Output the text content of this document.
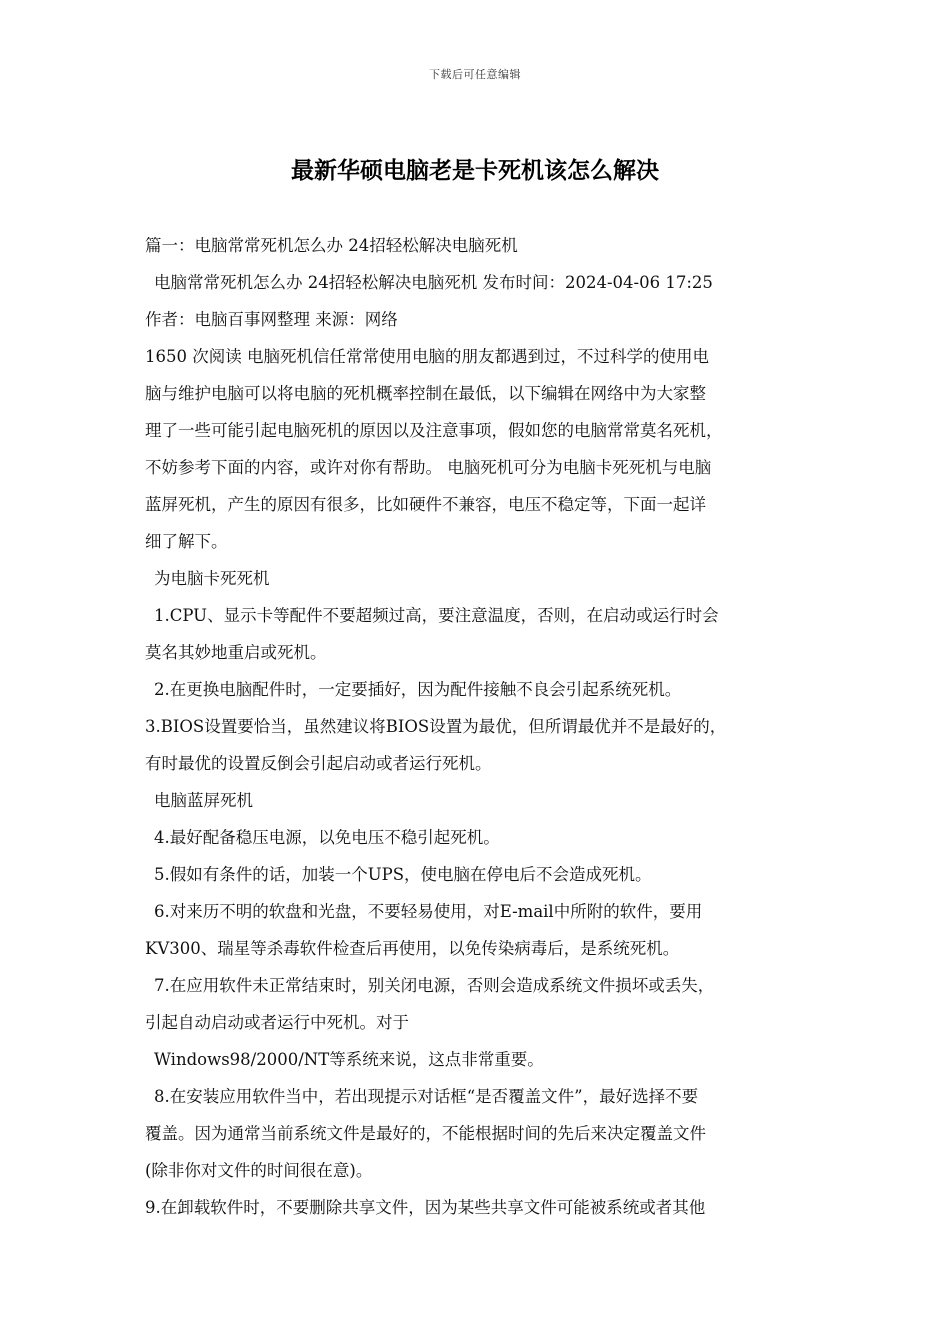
下载后可任意编辑
最新华硕电脑老是卡死机该怎么解决
篇一：电脑常常死机怎么办 24招轻松解决电脑死机
电脑常常死机怎么办 24招轻松解决电脑死机 发布时间：2024-04-06 17:25
作者：电脑百事网整理 来源：网络
1650 次阅读 电脑死机信任常常使用电脑的朋友都遇到过，不过科学的使用电
脑与维护电脑可以将电脑的死机概率控制在最低，以下编辑在网络中为大家整
理了一些可能引起电脑死机的原因以及注意事项，假如您的电脑常常莫名死机，
不妨参考下面的内容，或许对你有帮助。 电脑死机可分为电脑卡死死机与电脑
蓝屏死机，产生的原因有很多，比如硬件不兼容，电压不稳定等，下面一起详
细了解下。
为电脑卡死死机
1.CPU、显示卡等配件不要超频过高，要注意温度，否则，在启动或运行时会
莫名其妙地重启或死机。
2.在更换电脑配件时，一定要插好，因为配件接触不良会引起系统死机。
3.BIOS设置要恰当，虽然建议将BIOS设置为最优，但所谓最优并不是最好的，
有时最优的设置反倒会引起启动或者运行死机。
电脑蓝屏死机
4.最好配备稳压电源，以免电压不稳引起死机。
5.假如有条件的话，加装一个UPS，使电脑在停电后不会造成死机。
6.对来历不明的软盘和光盘，不要轻易使用，对E-mail中所附的软件，要用
KV300、瑞星等杀毒软件检查后再使用，以免传染病毒后，是系统死机。
7.在应用软件未正常结束时，别关闭电源，否则会造成系统文件损坏或丢失，
引起自动启动或者运行中死机。对于
Windows98/2000/NT等系统来说，这点非常重要。
8.在安装应用软件当中，若出现提示对话框“是否覆盖文件”，最好选择不要
覆盖。因为通常当前系统文件是最好的，不能根据时间的先后来决定覆盖文件
(除非你对文件的时间很在意)。
9.在卸载软件时，不要删除共享文件，因为某些共享文件可能被系统或者其他
